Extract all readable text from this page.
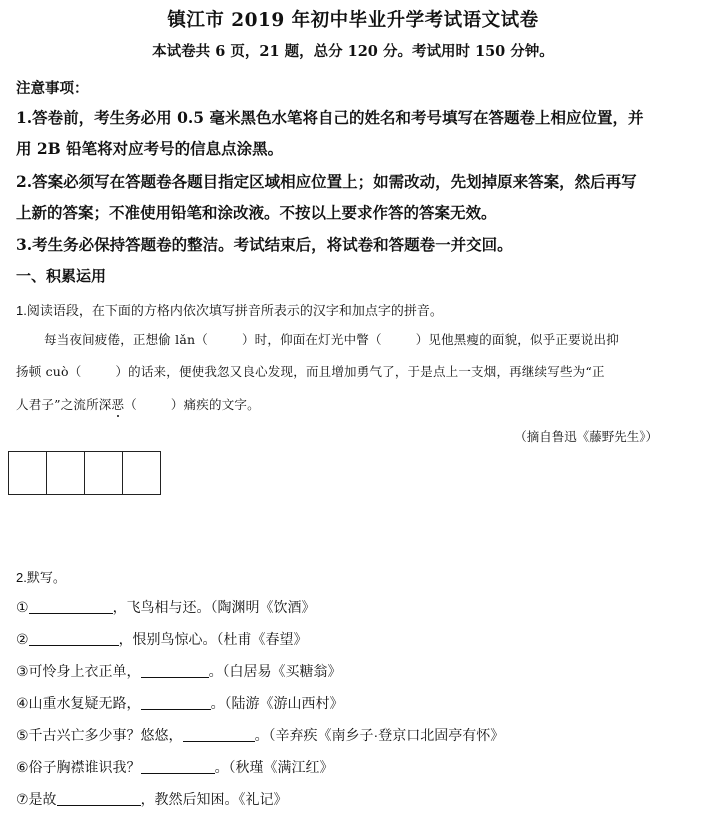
镇江市 2019 年初中毕业升学考试语文试卷
本试卷共 6 页，21 题，总分 120 分。考试用时 150 分钟。
注意事项：
1.答卷前，考生务必用 0.5 毫米黑色水笔将自己的姓名和考号填写在答题卷上相应位置，并
用 2B 铅笔将对应考号的信息点涂黑。
2.答案必须写在答题卷各题目指定区域相应位置上；如需改动，先划掉原来答案，然后再写
上新的答案；不准使用铅笔和涂改液。不按以上要求作答的答案无效。
3.考生务必保持答题卷的整洁。考试结束后，将试卷和答题卷一并交回。
一、积累运用
1.阅读语段，在下面的方格内依次填写拼音所表示的汉字和加点字的拼音。
每当夜间疲倦，正想偷 lǎn（	）时，仰面在灯光中瞥（	）见他黑瘦的面貌，似乎正要说出抑
扬顿 cuò（	）的话来，便使我忽又良心发现，而且增加勇气了，于是点上一支烟，再继续写些为“正
人君子”之流所深恶（	）痛疾的文字。
（摘自鲁迅《藤野先生》）
2.默写。
①	，飞鸟相与还。（陶渊明《饮酒》
②	，恨别鸟惊心。（杜甫《春望》
③可怜身上衣正单，	。（白居易《买糖翁》
④山重水复疑无路，	。（陆游《游山西村》
⑤千古兴亡多少事？悠悠，	。（辛弃疾《南乡子·登京口北固亭有怀》
⑥俗子胸襟谁识我？	。（秋瑾《满江红》
⑦是故	，教然后知困。《礼记》
